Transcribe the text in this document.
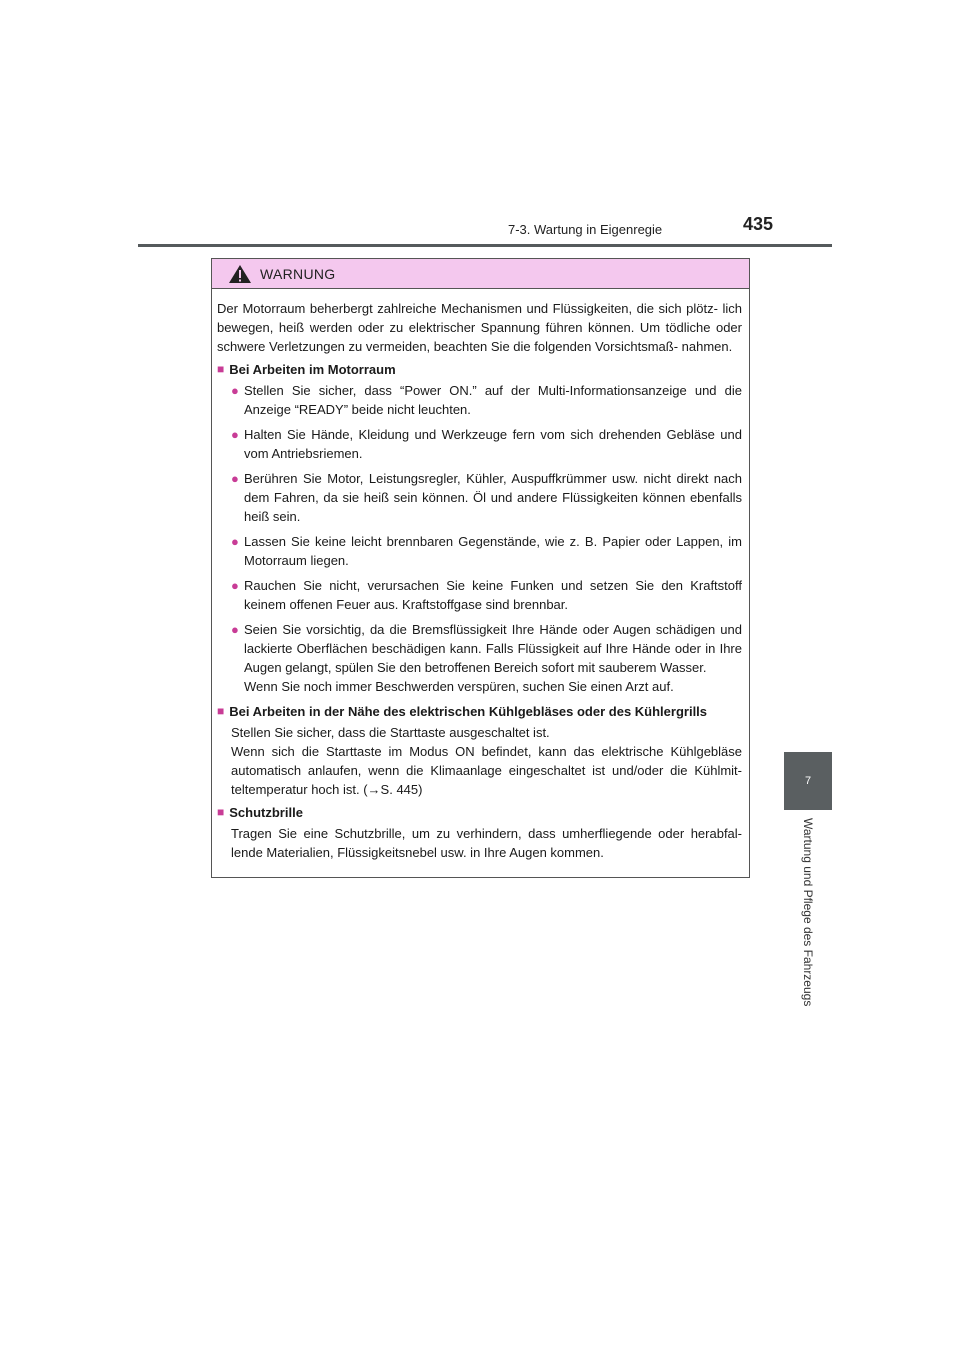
7-3. Wartung in Eigenregie	435
7
Wartung und Pflege des Fahrzeugs
WARNUNG

Der Motorraum beherbergt zahlreiche Mechanismen und Flüssigkeiten, die sich plötz- lich bewegen, heiß werden oder zu elektrischer Spannung führen können. Um tödliche oder schwere Verletzungen zu vermeiden, beachten Sie die folgenden Vorsichtsmaß- nahmen.

■ Bei Arbeiten im Motorraum
● Stellen Sie sicher, dass “Power ON.” auf der Multi-Informationsanzeige und die Anzeige “READY” beide nicht leuchten.
● Halten Sie Hände, Kleidung und Werkzeuge fern vom sich drehenden Gebläse und vom Antriebsriemen.
● Berühren Sie Motor, Leistungsregler, Kühler, Auspuffkrümmer usw. nicht direkt nach dem Fahren, da sie heiß sein können. Öl und andere Flüssigkeiten können ebenfalls heiß sein.
● Lassen Sie keine leicht brennbaren Gegenstände, wie z. B. Papier oder Lappen, im Motorraum liegen.
● Rauchen Sie nicht, verursachen Sie keine Funken und setzen Sie den Kraftstoff keinem offenen Feuer aus. Kraftstoffgase sind brennbar.
● Seien Sie vorsichtig, da die Bremsflüssigkeit Ihre Hände oder Augen schädigen und lackierte Oberflächen beschädigen kann. Falls Flüssigkeit auf Ihre Hände oder in Ihre Augen gelangt, spülen Sie den betroffenen Bereich sofort mit sauberem Wasser.
Wenn Sie noch immer Beschwerden verspüren, suchen Sie einen Arzt auf.
■ Bei Arbeiten in der Nähe des elektrischen Kühlgebläses oder des Kühlergrills

Stellen Sie sicher, dass die Starttaste ausgeschaltet ist.
Wenn sich die Starttaste im Modus ON befindet, kann das elektrische Kühlgebläse automatisch anlaufen, wenn die Klimaanlage eingeschaltet ist und/oder die Kühlmit- teltemperatur hoch ist. (→S. 445)

■ Schutzbrille

Tragen Sie eine Schutzbrille, um zu verhindern, dass umherfliegende oder herabfal- lende Materialien, Flüssigkeitsnebel usw. in Ihre Augen kommen.
